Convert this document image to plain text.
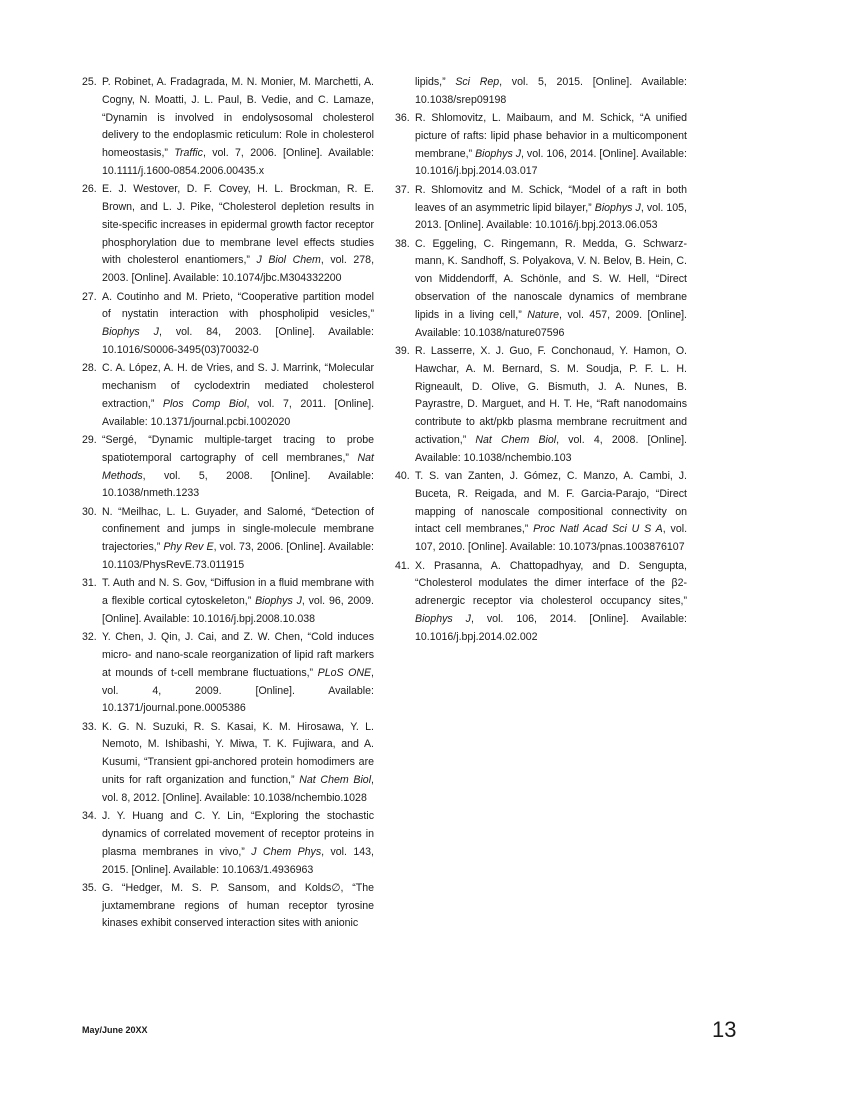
25. P. Robinet, A. Fradagrada, M. N. Monier, M. Marchetti, A. Cogny, N. Moatti, J. L. Paul, B. Vedie, and C. Lamaze, “Dynamin is involved in endolysosomal cholesterol delivery to the endoplasmic reticulum: Role in cholesterol homeostasis,” Traffic, vol. 7, 2006. [Online]. Available: 10.1111/j.1600-0854.2006.00435.x
26. E. J. Westover, D. F. Covey, H. L. Brockman, R. E. Brown, and L. J. Pike, “Cholesterol depletion results in site-specific increases in epidermal growth factor receptor phosphorylation due to membrane level effects studies with cholesterol enantiomers,” J Biol Chem, vol. 278, 2003. [Online]. Available: 10.1074/jbc.M304332200
27. A. Coutinho and M. Prieto, “Cooperative partition model of nystatin interaction with phospholipid vesicles,” Biophys J, vol. 84, 2003. [Online]. Available: 10.1016/S0006-3495(03)70032-0
28. C. A. López, A. H. de Vries, and S. J. Marrink, “Molecular mechanism of cyclodextrin mediated cholesterol extraction,” Plos Comp Biol, vol. 7, 2011. [Online]. Available: 10.1371/journal.pcbi.1002020
29. “Sergé, “Dynamic multiple-target tracing to probe spatiotemporal cartography of cell membranes,” Nat Methods, vol. 5, 2008. [Online]. Available: 10.1038/nmeth.1233
30. N. “Meilhac, L. L. Guyader, and Salomé, “Detection of confinement and jumps in single-molecule membrane trajectories,” Phy Rev E, vol. 73, 2006. [Online]. Available: 10.1103/PhysRevE.73.011915
31. T. Auth and N. S. Gov, “Diffusion in a fluid membrane with a flexible cortical cytoskeleton,” Biophys J, vol. 96, 2009. [Online]. Available: 10.1016/j.bpj.2008.10.038
32. Y. Chen, J. Qin, J. Cai, and Z. W. Chen, “Cold induces micro- and nano-scale reorganization of lipid raft markers at mounds of t-cell membrane fluctuations,” PLoS ONE, vol. 4, 2009. [Online]. Available: 10.1371/journal.pone.0005386
33. K. G. N. Suzuki, R. S. Kasai, K. M. Hirosawa, Y. L. Nemoto, M. Ishibashi, Y. Miwa, T. K. Fujiwara, and A. Kusumi, “Transient gpi-anchored protein homodimers are units for raft organization and function,” Nat Chem Biol, vol. 8, 2012. [Online]. Available: 10.1038/nchembio.1028
34. J. Y. Huang and C. Y. Lin, “Exploring the stochastic dynamics of correlated movement of receptor proteins in plasma membranes in vivo,” J Chem Phys, vol. 143, 2015. [Online]. Available: 10.1063/1.4936963
35. G. “Hedger, M. S. P. Sansom, and Kolds∅, “The juxtamembrane regions of human receptor tyrosine kinases exhibit conserved interaction sites with anionic
lipids,” Sci Rep, vol. 5, 2015. [Online]. Available: 10.1038/srep09198
36. R. Shlomovitz, L. Maibaum, and M. Schick, “A unified picture of rafts: lipid phase behavior in a multicomponent membrane,” Biophys J, vol. 106, 2014. [Online]. Available: 10.1016/j.bpj.2014.03.017
37. R. Shlomovitz and M. Schick, “Model of a raft in both leaves of an asymmetric lipid bilayer,” Biophys J, vol. 105, 2013. [Online]. Available: 10.1016/j.bpj.2013.06.053
38. C. Eggeling, C. Ringemann, R. Medda, G. Schwarz-mann, K. Sandhoff, S. Polyakova, V. N. Belov, B. Hein, C. von Middendorff, A. Schönle, and S. W. Hell, “Direct observation of the nanoscale dynamics of membrane lipids in a living cell,” Nature, vol. 457, 2009. [Online]. Available: 10.1038/nature07596
39. R. Lasserre, X. J. Guo, F. Conchonaud, Y. Hamon, O. Hawchar, A. M. Bernard, S. M. Soudja, P. F. L. H. Rigneault, D. Olive, G. Bismuth, J. A. Nunes, B. Payrastre, D. Marguet, and H. T. He, “Raft nanodomains contribute to akt/pkb plasma membrane recruitment and activation,” Nat Chem Biol, vol. 4, 2008. [Online]. Available: 10.1038/nchembio.103
40. T. S. van Zanten, J. Gómez, C. Manzo, A. Cambi, J. Buceta, R. Reigada, and M. F. Garcia-Parajo, “Direct mapping of nanoscale compositional connectivity on intact cell membranes,” Proc Natl Acad Sci U S A, vol. 107, 2010. [Online]. Available: 10.1073/pnas.1003876107
41. X. Prasanna, A. Chattopadhyay, and D. Sengupta, “Cholesterol modulates the dimer interface of the β2-adrenergic receptor via cholesterol occupancy sites,” Biophys J, vol. 106, 2014. [Online]. Available: 10.1016/j.bpj.2014.02.002
May/June 20XX	13
